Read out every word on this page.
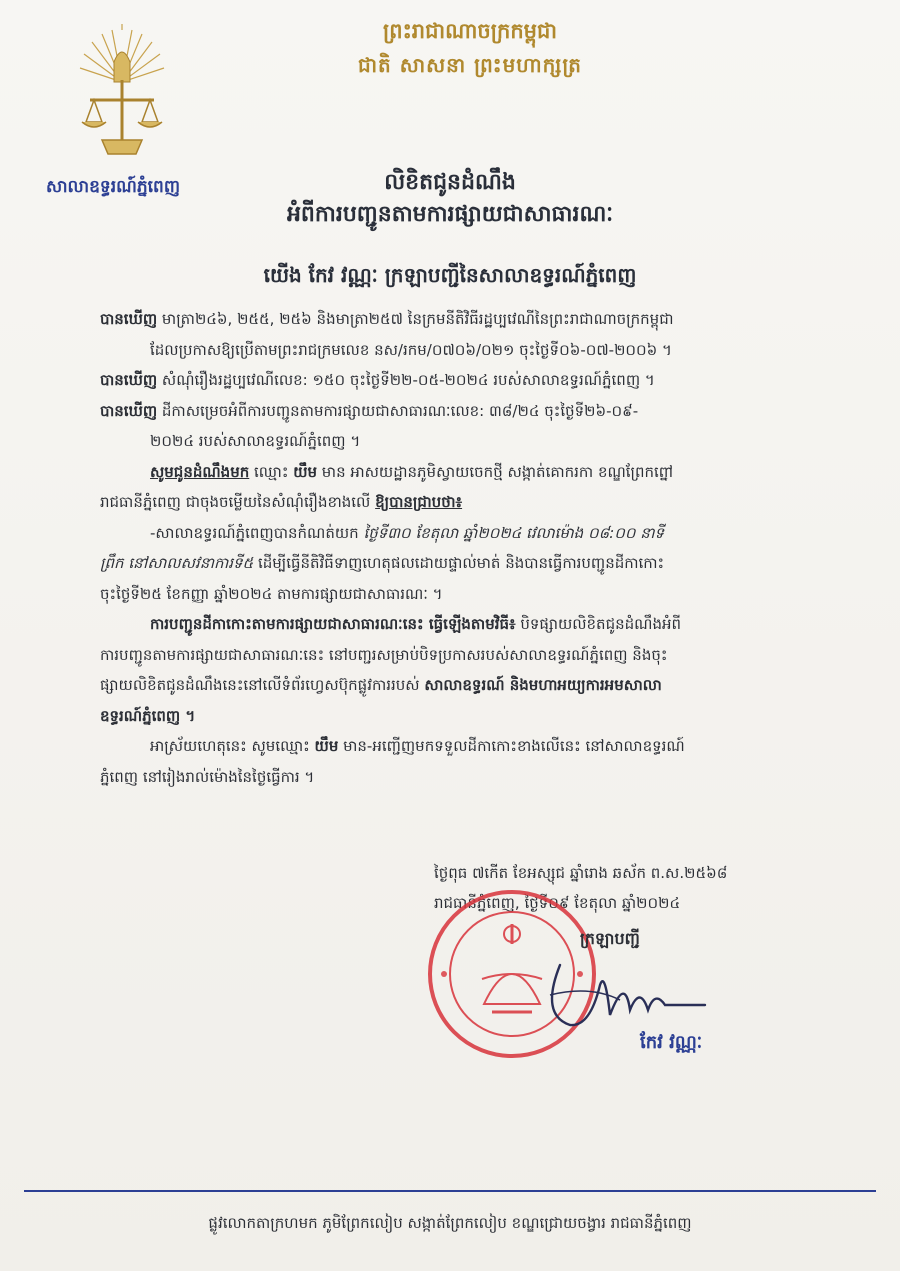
សាលាឧទ្ធរណ៍ភ្នំពេញ
ព្រះរាជាណាចក្រកម្ពុជា
ជាតិ សាសនា ព្រះមហាក្សត្រ
លិខិតជូនដំណឹង
អំពីការបញ្ជូនតាមការផ្សាយជាសាធារណៈ
យើង កែវ វណ្ណៈ ក្រឡាបញ្ជីនៃសាលាឧទ្ធរណ៍ភ្នំពេញ

បានឃើញ មាត្រា២៤៦, ២៥៥, ២៥៦ និងមាត្រា២៥៧ នៃក្រមនីតិវិធីរដ្ឋប្បវេណីនៃព្រះរាជាណាចក្រកម្ពុជា

ដែលប្រកាសឱ្យប្រើតាមព្រះរាជក្រមលេខ នស/រកម/០៧០៦/០២១ ចុះថ្ងៃទី០៦-០៧-២០០៦ ។

បានឃើញ សំណុំរឿងរដ្ឋប្បវេណីលេខ: ១៥០ ចុះថ្ងៃទី២២-០៥-២០២៤ របស់សាលាឧទ្ធរណ៍ភ្នំពេញ ។

បានឃើញ ដីកាសម្រេចអំពីការបញ្ជូនតាមការផ្សាយជាសាធារណៈលេខ: ៣៨/២៤ ចុះថ្ងៃទី២៦-០៩-

២០២៤ របស់សាលាឧទ្ធរណ៍ភ្នំពេញ ។

សូមជូនដំណឹងមក ឈ្មោះ យឹម មាន អាសយដ្ឋានភូមិស្វាយចេកថ្មី សង្កាត់គោករកា ខណ្ឌព្រែកព្នៅ

រាជធានីភ្នំពេញ ជាចុងចម្លើយនៃសំណុំរឿងខាងលើ ឱ្យបានជ្រាបថា៖

-សាលាឧទ្ធរណ៍ភ្នំពេញបានកំណត់យក ថ្ងៃទី៣០ ខែតុលា ឆ្នាំ២០២៤ វេលាម៉ោង ០៨:០០ នាទី

ព្រឹក នៅសាលសវនាការទី៥ ដើម្បីធ្វើនីតិវិធីទាញហេតុផលដោយផ្ទាល់មាត់ និងបានធ្វើការបញ្ជូនដីកាកោះ

ចុះថ្ងៃទី២៥ ខែកញ្ញា ឆ្នាំ២០២៤ តាមការផ្សាយជាសាធារណៈ ។

ការបញ្ជូនដីកាកោះតាមការផ្សាយជាសាធារណៈនេះ ធ្វើឡើងតាមវិធី៖ បិទផ្សាយលិខិតជូនដំណឹងអំពី

ការបញ្ជូនតាមការផ្សាយជាសាធារណៈនេះ នៅបញ្ជរសម្រាប់បិទប្រកាសរបស់សាលាឧទ្ធរណ៍ភ្នំពេញ និងចុះ

ផ្សាយលិខិតជូនដំណឹងនេះនៅលើទំព័រហ្វេសប៊ុកផ្លូវការរបស់ សាលាឧទ្ធរណ៍ និងមហាអយ្យការអមសាលា

ឧទ្ធរណ៍ភ្នំពេញ ។

អាស្រ័យហេតុនេះ សូមឈ្មោះ យឹម មាន-អញ្ជើញមកទទួលដីកាកោះខាងលើនេះ នៅសាលាឧទ្ធរណ៍

ភ្នំពេញ នៅរៀងរាល់ម៉ោងនៃថ្ងៃធ្វើការ ។

ថ្ងៃពុធ ៧កើត ខែអស្សុជ ឆ្នាំរោង ឆស័ក ព.ស.២៥៦៨
រាជធានីភ្នំពេញ, ថ្ងៃទី០៩ ខែតុលា ឆ្នាំ២០២៤
ក្រឡាបញ្ជី
កែវ វណ្ណៈ
ផ្លូវលោកតាក្រហមក ភូមិព្រែកលៀប សង្កាត់ព្រែកលៀប ខណ្ឌជ្រោយចង្វារ រាជធានីភ្នំពេញ
